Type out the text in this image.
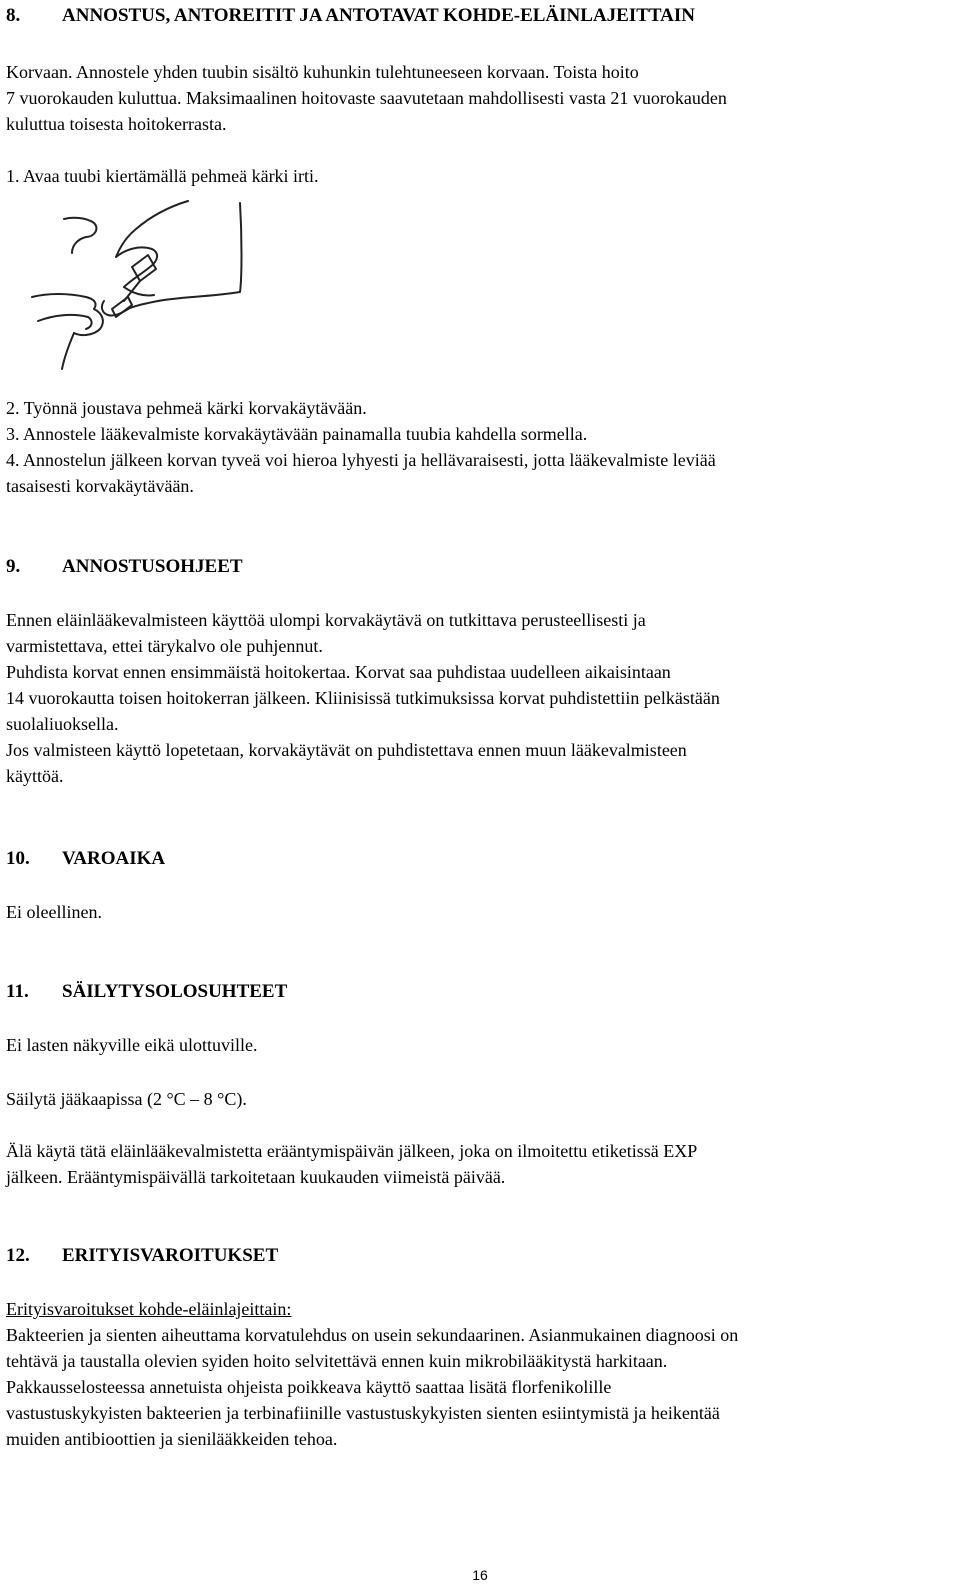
8. ANNOSTUS, ANTOREITIT JA ANTOTAVAT KOHDE-ELÄINLAJEITTAIN
Korvaan. Annostele yhden tuubin sisältö kuhunkin tulehtuneeseen korvaan. Toista hoito
7 vuorokauden kuluttua. Maksimaalinen hoitovaste saavutetaan mahdollisesti vasta 21 vuorokauden
kuluttua toisesta hoitokerrasta.
1. Avaa tuubi kiertämällä pehmeä kärki irti.
2. Työnnä joustava pehmeä kärki korvakäytävään.
3. Annostele lääkevalmiste korvakäytävään painamalla tuubia kahdella sormella.
4. Annostelun jälkeen korvan tyveä voi hieroa lyhyesti ja hellävaraisesti, jotta lääkevalmiste leviää
tasaisesti korvakäytävään.
9. ANNOSTUSOHJEET
Ennen eläinlääkevalmisteen käyttöä ulompi korvakäytävä on tutkittava perusteellisesti ja
varmistettava, ettei tärykalvo ole puhjennut.
Puhdista korvat ennen ensimmäistä hoitokertaa. Korvat saa puhdistaa uudelleen aikaisintaan
14 vuorokautta toisen hoitokerran jälkeen. Kliinisissä tutkimuksissa korvat puhdistettiin pelkästään
suolaliuoksella.
Jos valmisteen käyttö lopetetaan, korvakäytävät on puhdistettava ennen muun lääkevalmisteen
käyttöä.
10. VAROAIKA
Ei oleellinen.
11. SÄILYTYSOLOSUHTEET
Ei lasten näkyville eikä ulottuville.
Säilytä jääkaapissa (2 °C – 8 °C).
Älä käytä tätä eläinlääkevalmistetta erääntymispäivän jälkeen, joka on ilmoitettu etiketissä EXP
jälkeen. Erääntymispäivällä tarkoitetaan kuukauden viimeistä päivää.
12. ERITYISVAROITUKSET
Erityisvaroitukset kohde-eläinlajeittain:
Bakteerien ja sienten aiheuttama korvatulehdus on usein sekundaarinen. Asianmukainen diagnoosi on
tehtävä ja taustalla olevien syiden hoito selvitettävä ennen kuin mikrobilääkitystä harkitaan.
Pakkausselosteessa annetuista ohjeista poikkeava käyttö saattaa lisätä florfenikolille
vastustuskykyisten bakteerien ja terbinafiinille vastustuskykyisten sienten esiintymistä ja heikentää
muiden antibioottien ja sienilääkkeiden tehoa.
16
